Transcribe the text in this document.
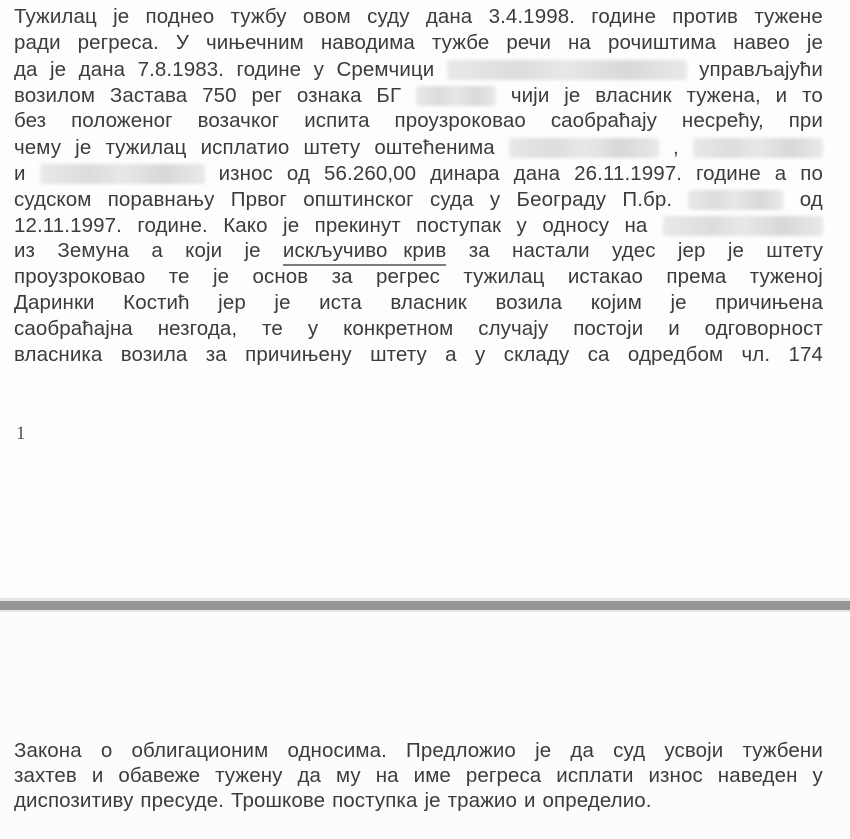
Тужилац је поднео тужбу овом суду дана 3.4.1998. године против тужене
ради регреса. У чињечним наводима тужбе речи на рочиштима навео је
да је дана 7.8.1983. године у Сремчици	управљајући
возилом Застава 750 рег ознака БГ	чији је власник тужена, и то
без положеног возачког испита проузроковао саобраћају несрећу, при
чему је тужилац исплатио штету оштећенима	,
и	износ од 56.260,00 динара дана 26.11.1997. године а по
судском поравнању Првог општинског суда у Београду П.бр.	од
12.11.1997. године. Како је прекинут поступак у односу на
из Земуна а који је искључиво крив за настали удес јер је штету
проузроковао те је основ за регрес тужилац истакао према туженој
Даринки Костић јер је иста власник возила којим је причињена
саобраћајна незгода, те у конкретном случају постоји и одговорност
власника возила за причињену штету а у складу са одредбом чл. 174
1
Закона о облигационим односима. Предложио је да суд усвоји тужбени
захтев и обавеже тужену да му на име регреса исплати износ наведен у
диспозитиву пресуде. Трошкове поступка је тражио и определио.
